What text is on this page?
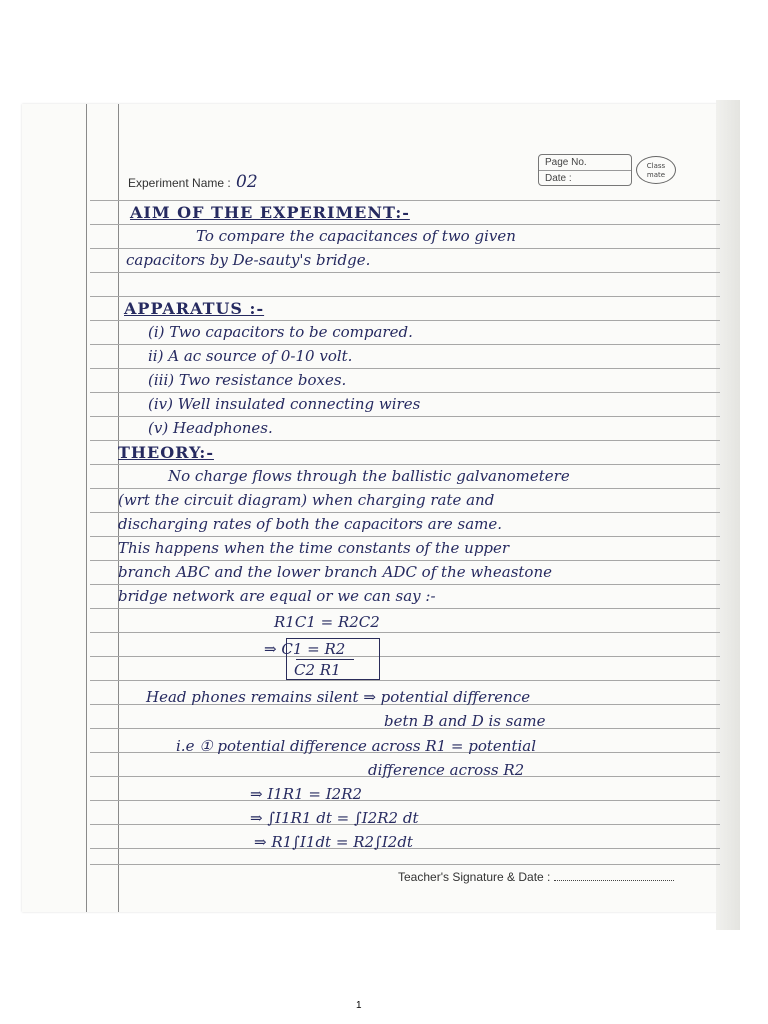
Experiment Name : 02
Page No.
Date :
Class
mate
AIM OF THE EXPERIMENT:-
To compare the capacitances of two given
capacitors by De-sauty's bridge.
APPARATUS :-
(i) Two capacitors to be compared.
ii) A ac source of 0-10 volt.
(iii) Two resistance boxes.
(iv) Well insulated connecting wires
(v) Headphones.
THEORY:-
No charge flows through the ballistic galvanometere
(wrt the circuit diagram) when charging rate and
discharging rates of both the capacitors are same.
This happens when the time constants of the upper
branch ABC and the lower branch ADC of the wheastone
bridge network are equal or we can say :-
R1C1 = R2C2
⇒ C1 = R2
C2 R1
Head phones remains silent ⇒ potential difference
betn B and D is same
i.e ① potential difference across R1 = potential
difference across R2
⇒ I1R1 = I2R2
⇒ ∫I1R1 dt = ∫I2R2 dt
⇒ R1∫I1dt = R2∫I2dt
Teacher's Signature & Date :
1
